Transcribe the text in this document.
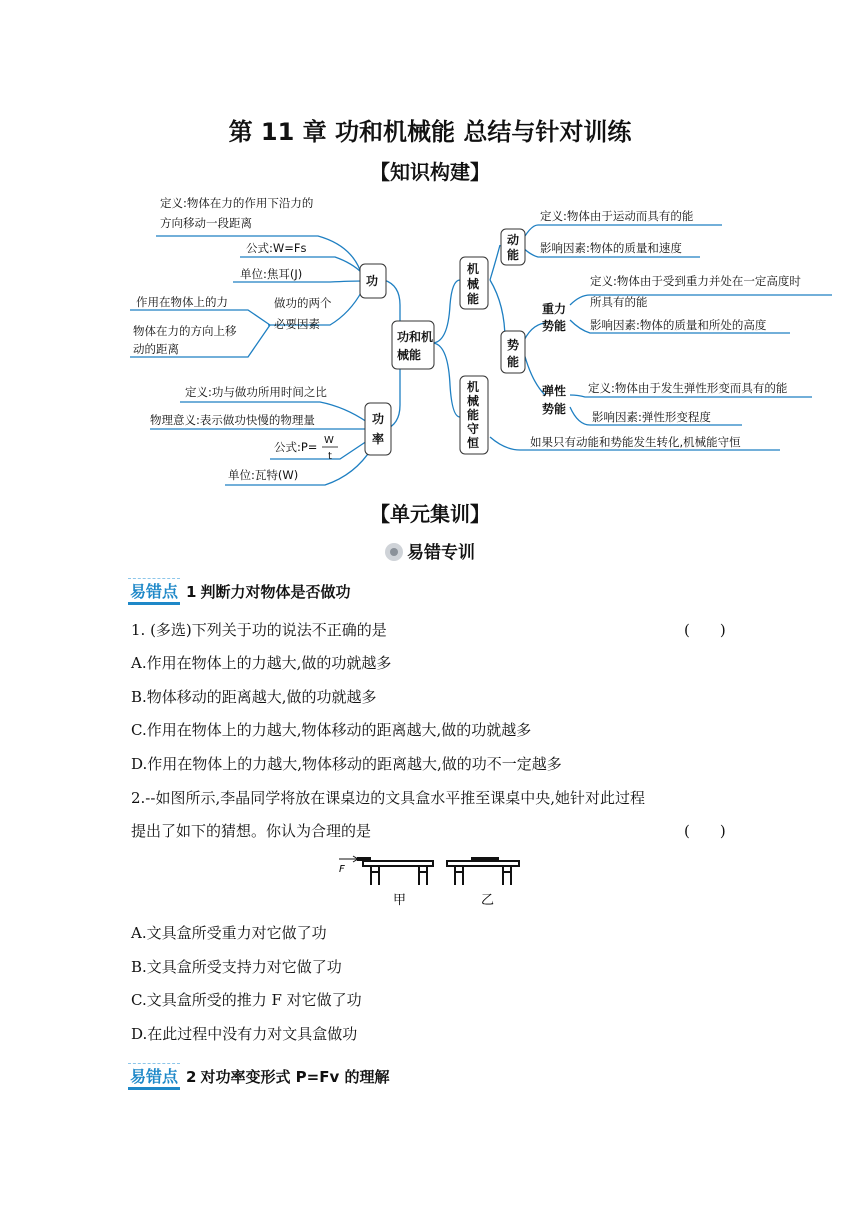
第 11 章 功和机械能 总结与针对训练
【知识构建】
功
功
率
功和机
械能
机
械
能
机
械
能
守
恒
动
能
势
能
重力
势能
弹性
势能
定义:物体在力的作用下沿力的
方向移动一段距离
公式:W=Fs
单位:焦耳(J)
做功的两个
必要因素
作用在物体上的力
物体在力的方向上移
动的距离
定义:功与做功所用时间之比
物理意义:表示做功快慢的物理量
公式:P= W
t
单位:瓦特(W)
定义:物体由于运动而具有的能
影响因素:物体的质量和速度
定义:物体由于受到重力并处在一定高度时
所具有的能
影响因素:物体的质量和所处的高度
定义:物体由于发生弹性形变而具有的能
影响因素:弹性形变程度
如果只有动能和势能发生转化,机械能守恒
【单元集训】
易错专训
易错点 1 判断力对物体是否做功
1. (多选)下列关于功的说法不正确的是	(　　)
A.作用在物体上的力越大,做的功就越多
B.物体移动的距离越大,做的功就越多
C.作用在物体上的力越大,物体移动的距离越大,做的功就越多
D.作用在物体上的力越大,物体移动的距离越大,做的功不一定越多
2.--如图所示,李晶同学将放在课桌边的文具盒水平推至课桌中央,她针对此过程
提出了如下的猜想。你认为合理的是	(　　)
F
甲	乙
A.文具盒所受重力对它做了功
B.文具盒所受支持力对它做了功
C.文具盒所受的推力 F 对它做了功
D.在此过程中没有力对文具盒做功
易错点 2 对功率变形式 P=Fv 的理解
